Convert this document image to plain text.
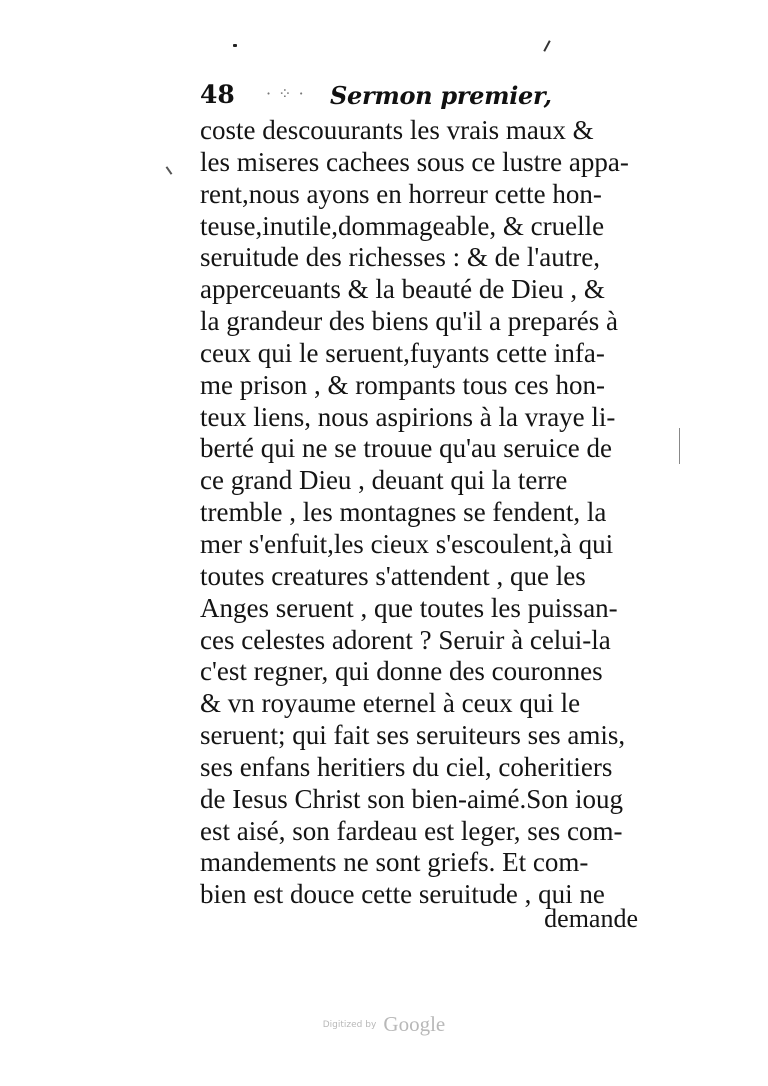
48 · ⁘ · Sermon premier,
coste descouurants les vrais maux &
les miseres cachees sous ce lustre appa-
rent,nous ayons en horreur cette hon-
teuse,inutile,dommageable, & cruelle
seruitude des richesses : & de l'autre,
apperceuants & la beauté de Dieu , &
la grandeur des biens qu'il a preparés à
ceux qui le seruent,fuyants cette infa-
me prison , & rompants tous ces hon-
teux liens, nous aspirions à la vraye li-
berté qui ne se trouue qu'au seruice de
ce grand Dieu , deuant qui la terre
tremble , les montagnes se fendent, la
mer s'enfuit,les cieux s'escoulent,à qui
toutes creatures s'attendent , que les
Anges seruent , que toutes les puissan-
ces celestes adorent ? Seruir à celui-la
c'est regner, qui donne des couronnes
& vn royaume eternel à ceux qui le
seruent; qui fait ses seruiteurs ses amis,
ses enfans heritiers du ciel, coheritiers
de Iesus Christ son bien-aimé.Son ioug
est aisé, son fardeau est leger, ses com-
mandements ne sont griefs. Et com-
bien est douce cette seruitude , qui ne
demande
Digitized by Google
